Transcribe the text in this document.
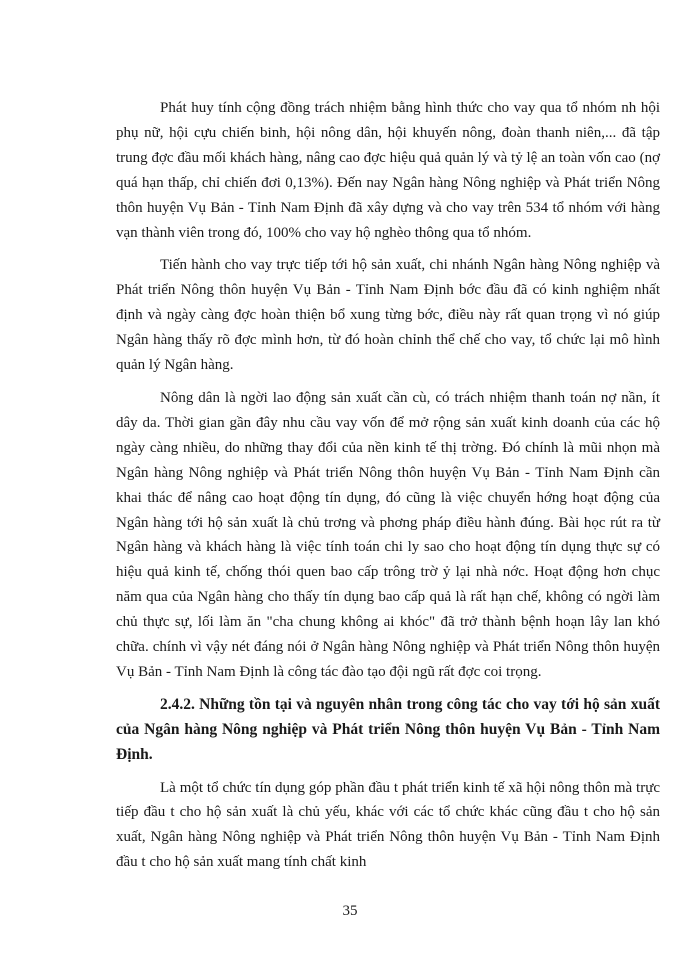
Phát huy tính cộng đồng trách nhiệm bằng hình thức cho vay qua tổ nhóm nh hội phụ nữ, hội cựu chiến binh, hội nông dân, hội khuyến nông, đoàn thanh niên,... đã tập trung đợc đầu mối khách hàng, nâng cao đợc hiệu quả quản lý và tỷ lệ an toàn vốn cao (nợ quá hạn thấp, chỉ chiến đơi 0,13%). Đến nay Ngân hàng Nông nghiệp và Phát triển Nông thôn huyện Vụ Bản - Tỉnh Nam Định đã xây dựng và cho vay trên 534 tổ nhóm với hàng vạn thành viên trong đó, 100% cho vay hộ nghèo thông qua tổ nhóm.

Tiến hành cho vay trực tiếp tới hộ sản xuất, chi nhánh Ngân hàng Nông nghiệp và Phát triển Nông thôn huyện Vụ Bản - Tỉnh Nam Định bớc đầu đã có kinh nghiệm nhất định và ngày càng đợc hoàn thiện bổ xung từng bớc, điều này rất quan trọng vì nó giúp Ngân hàng thấy rõ đợc mình hơn, từ đó hoàn chỉnh thể chế cho vay, tổ chức lại mô hình quản lý Ngân hàng.

Nông dân là ngời lao động sản xuất cần cù, có trách nhiệm thanh toán nợ nần, ít dây da. Thời gian gần đây nhu cầu vay vốn để mở rộng sản xuất kinh doanh của các hộ ngày càng nhiều, do những thay đổi của nền kinh tế thị trờng. Đó chính là mũi nhọn mà Ngân hàng Nông nghiệp và Phát triển Nông thôn huyện Vụ Bản - Tỉnh Nam Định cần khai thác để nâng cao hoạt động tín dụng, đó cũng là việc chuyển hớng hoạt động của Ngân hàng tới hộ sản xuất là chủ trơng và phơng pháp điều hành đúng. Bài học rút ra từ Ngân hàng và khách hàng là việc tính toán chi ly sao cho hoạt động tín dụng thực sự có hiệu quả kinh tế, chống thói quen bao cấp trông trờ ỷ lại nhà nớc. Hoạt động hơn chục năm qua của Ngân hàng cho thấy tín dụng bao cấp quả là rất hạn chế, không có ngời làm chủ thực sự, lối làm ăn "cha chung không ai khóc" đã trở thành bệnh hoạn lây lan khó chữa. chính vì vậy nét đáng nói ở Ngân hàng Nông nghiệp và Phát triển Nông thôn huyện Vụ Bản - Tỉnh Nam Định là công tác đào tạo đội ngũ rất đợc coi trọng.

2.4.2. Những tồn tại và nguyên nhân trong công tác cho vay tới hộ sản xuất của Ngân hàng Nông nghiệp và Phát triển Nông thôn huyện Vụ Bản - Tỉnh Nam Định.

Là một tổ chức tín dụng góp phần đầu t phát triển kinh tế xã hội nông thôn mà trực tiếp đầu t cho hộ sản xuất là chủ yếu, khác với các tổ chức khác cũng đầu t cho hộ sản xuất, Ngân hàng Nông nghiệp và Phát triển Nông thôn huyện Vụ Bản - Tỉnh Nam Định đầu t cho hộ sản xuất mang tính chất kinh

35
